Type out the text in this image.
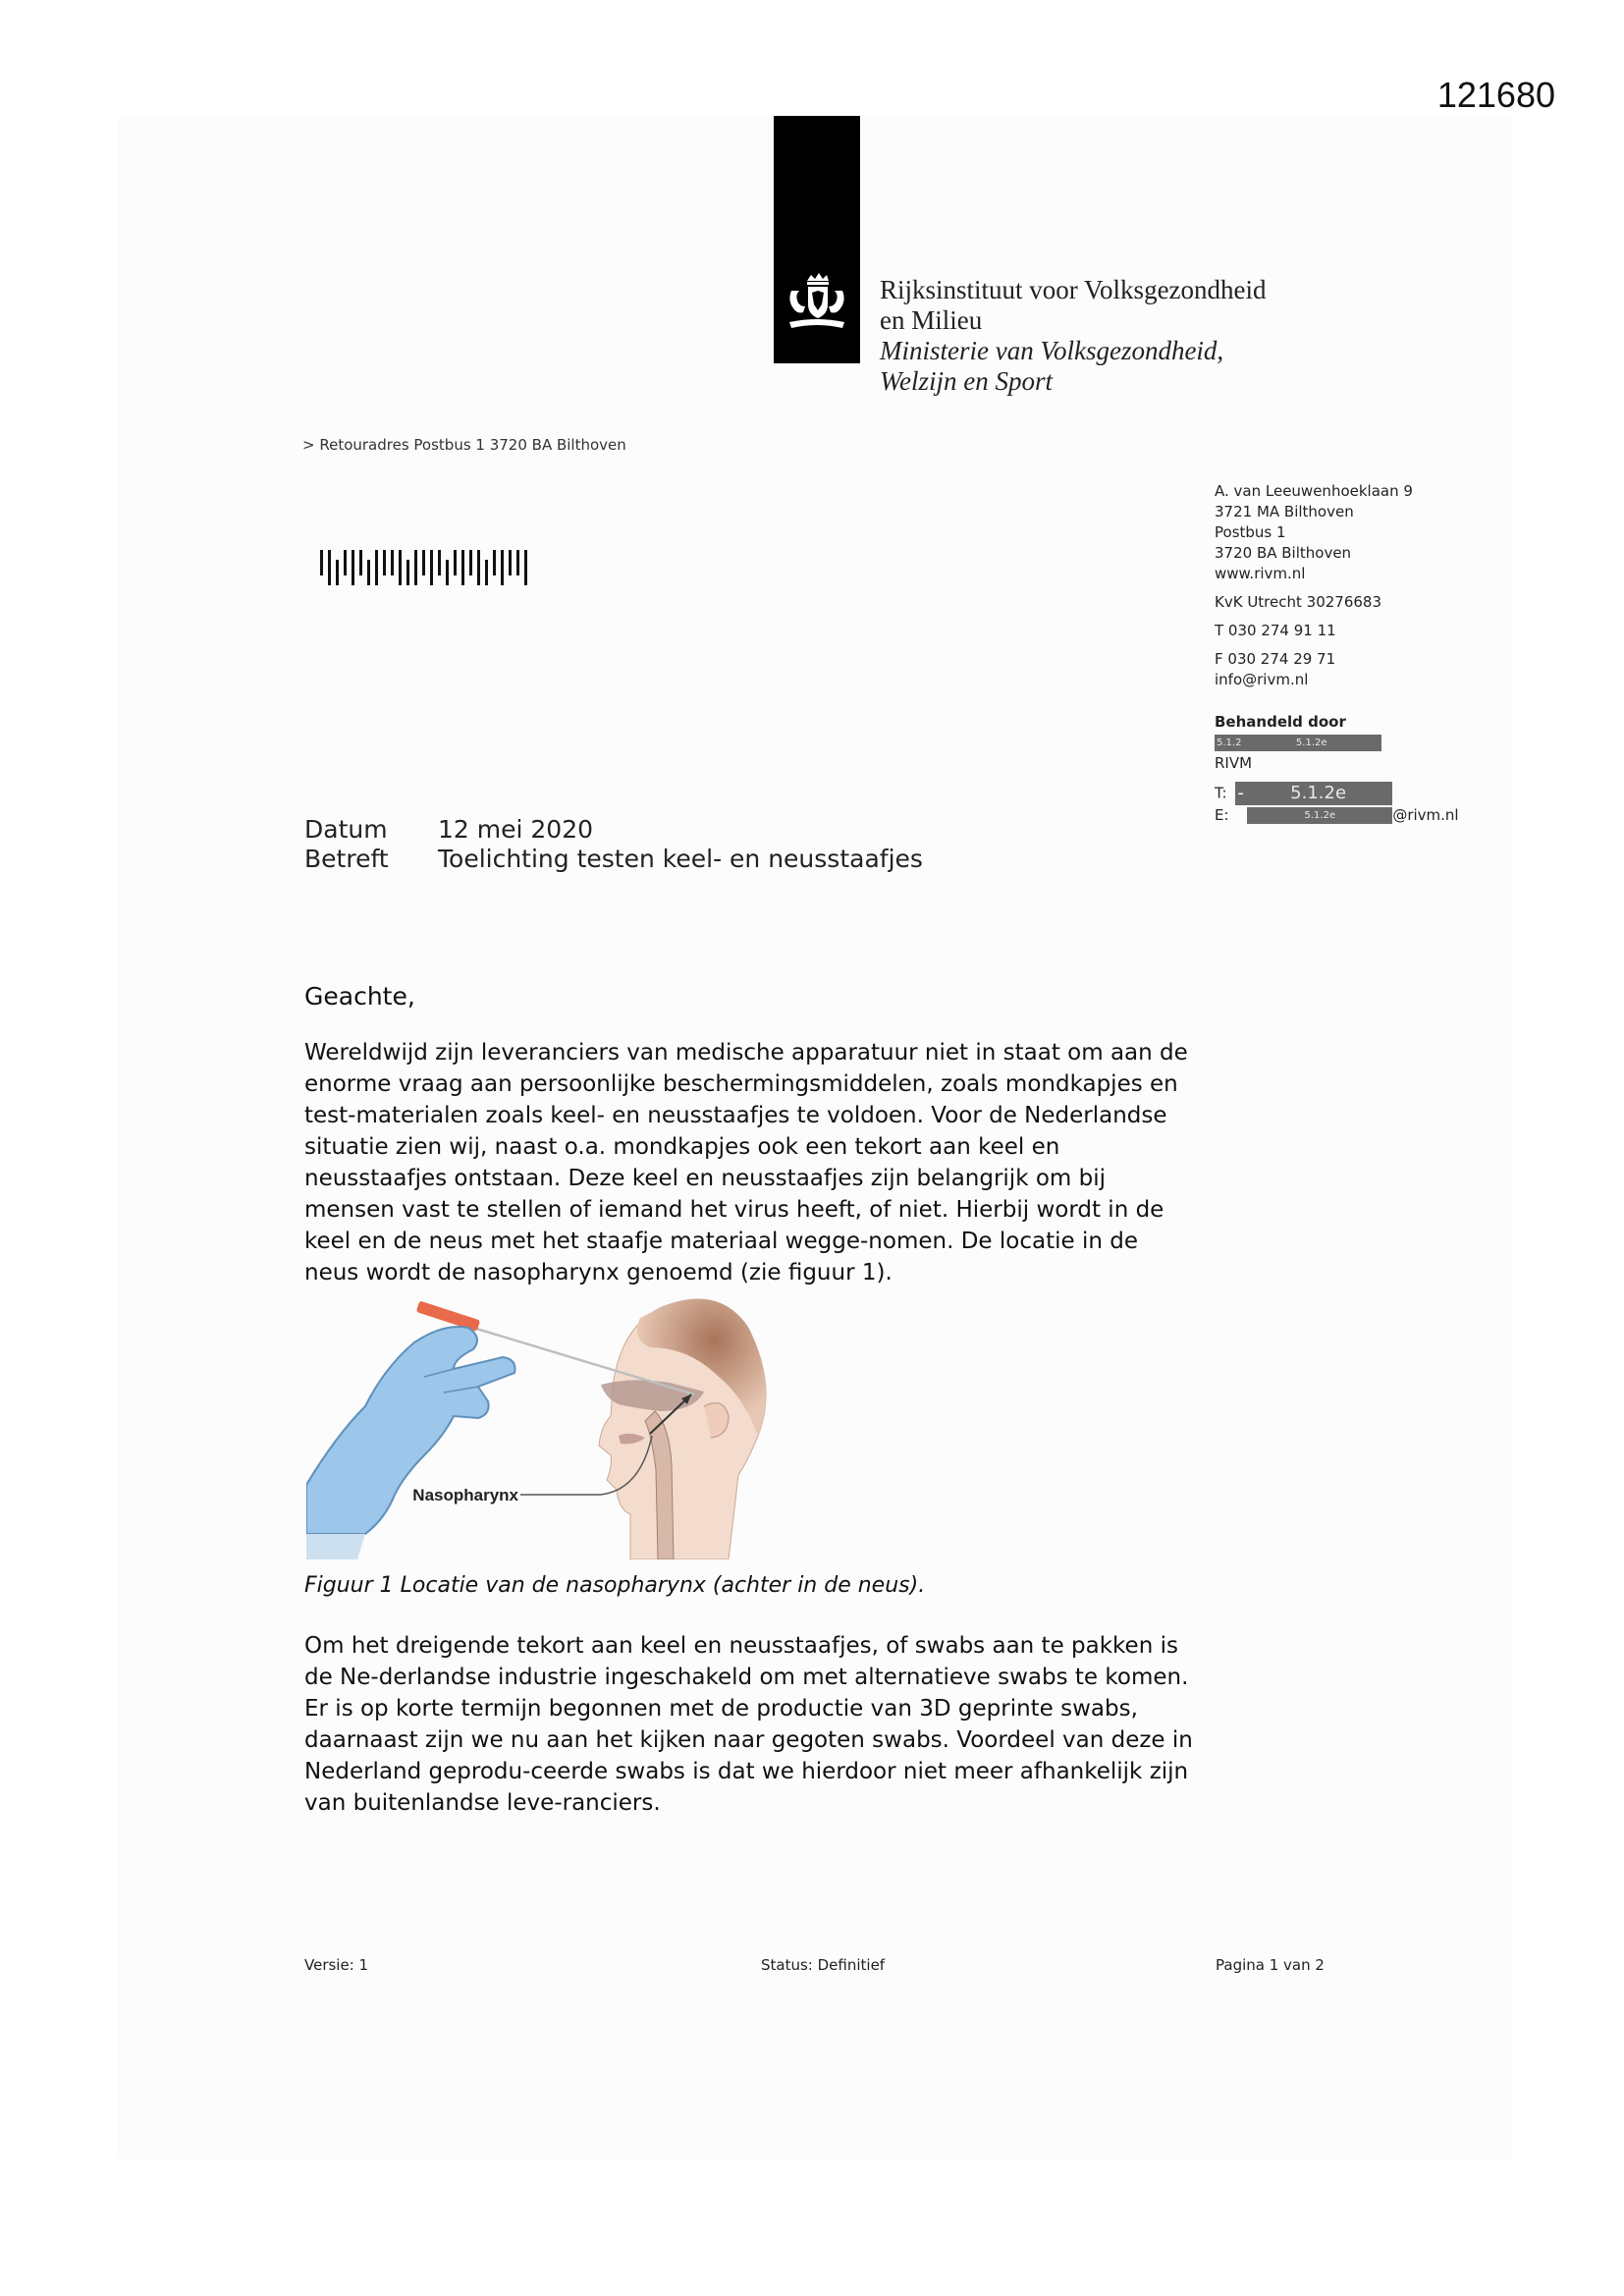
121680
Rijksinstituut voor Volksgezondheid
en Milieu
Ministerie van Volksgezondheid,
Welzijn en Sport
> Retouradres Postbus 1 3720 BA Bilthoven
A. van Leeuwenhoeklaan 9
3721 MA Bilthoven
Postbus 1
3720 BA Bilthoven
www.rivm.nl
KvK Utrecht 30276683
T 030 274 91 11
F 030 274 29 71
info@rivm.nl
Behandeld door
5.1.2	5.1.2e
RIVM
T: -	5.1.2e
E:	5.1.2e	@rivm.nl
Datum 12 mei 2020
Betreft Toelichting testen keel- en neusstaafjes
Geachte,
Wereldwijd zijn leveranciers van medische apparatuur niet in staat om aan de enorme vraag aan persoonlijke beschermingsmiddelen, zoals mondkapjes en test-materialen zoals keel- en neusstaafjes te voldoen. Voor de Nederlandse situatie zien wij, naast o.a. mondkapjes ook een tekort aan keel en neusstaafjes ontstaan. Deze keel en neusstaafjes zijn belangrijk om bij mensen vast te stellen of iemand het virus heeft, of niet. Hierbij wordt in de keel en de neus met het staafje materiaal wegge-nomen. De locatie in de neus wordt de nasopharynx genoemd (zie figuur 1).
Nasopharynx
Figuur 1 Locatie van de nasopharynx (achter in de neus).
Om het dreigende tekort aan keel en neusstaafjes, of swabs aan te pakken is de Ne-derlandse industrie ingeschakeld om met alternatieve swabs te komen. Er is op korte termijn begonnen met de productie van 3D geprinte swabs, daarnaast zijn we nu aan het kijken naar gegoten swabs. Voordeel van deze in Nederland geprodu-ceerde swabs is dat we hierdoor niet meer afhankelijk zijn van buitenlandse leve-ranciers.
Versie: 1	Status: Definitief	Pagina 1 van 2
